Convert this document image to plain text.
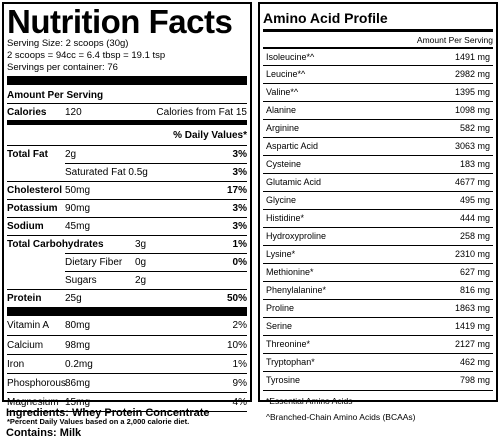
Nutrition Facts
Serving Size: 2 scoops (30g)
2 scoops = 94cc = 6.4 tbsp = 19.1 tsp
Servings per container: 76
Amount Per Serving
Calories 120	Calories from Fat 15
% Daily Values*
Total Fat 2g	3%
Saturated Fat 0.5g	3%
Cholesterol 50mg	17%
Potassium 90mg	3%
Sodium 45mg	3%
Total Carbohydrates	3g	1%
Dietary Fiber 0g	0%
Sugars	2g
Protein 25g	50%
Vitamin A 80mg	2%
Calcium 98mg	10%
Iron	0.2mg	1%
Phosphorous 86mg	9%
Magnesium 15mg	4%
*Percent Daily Values based on a 2,000 calorie diet.
Amino Acid Profile
Amount Per Serving
Isoleucine*^	1491 mg
Leucine*^	2982 mg
Valine*^	1395 mg
Alanine	1098 mg
Arginine	582 mg
Aspartic Acid	3063 mg
Cysteine	183 mg
Glutamic Acid	4677 mg
Glycine	495 mg
Histidine*	444 mg
Hydroxyproline	258 mg
Lysine*	2310 mg
Methionine*	627 mg
Phenylalanine*	816 mg
Proline	1863 mg
Serine	1419 mg
Threonine*	2127 mg
Tryptophan*	462 mg
Tyrosine	798 mg
*Essential Amino Acids
^Branched-Chain Amino Acids (BCAAs)
Ingredients: Whey Protein Concentrate
Contains: Milk
